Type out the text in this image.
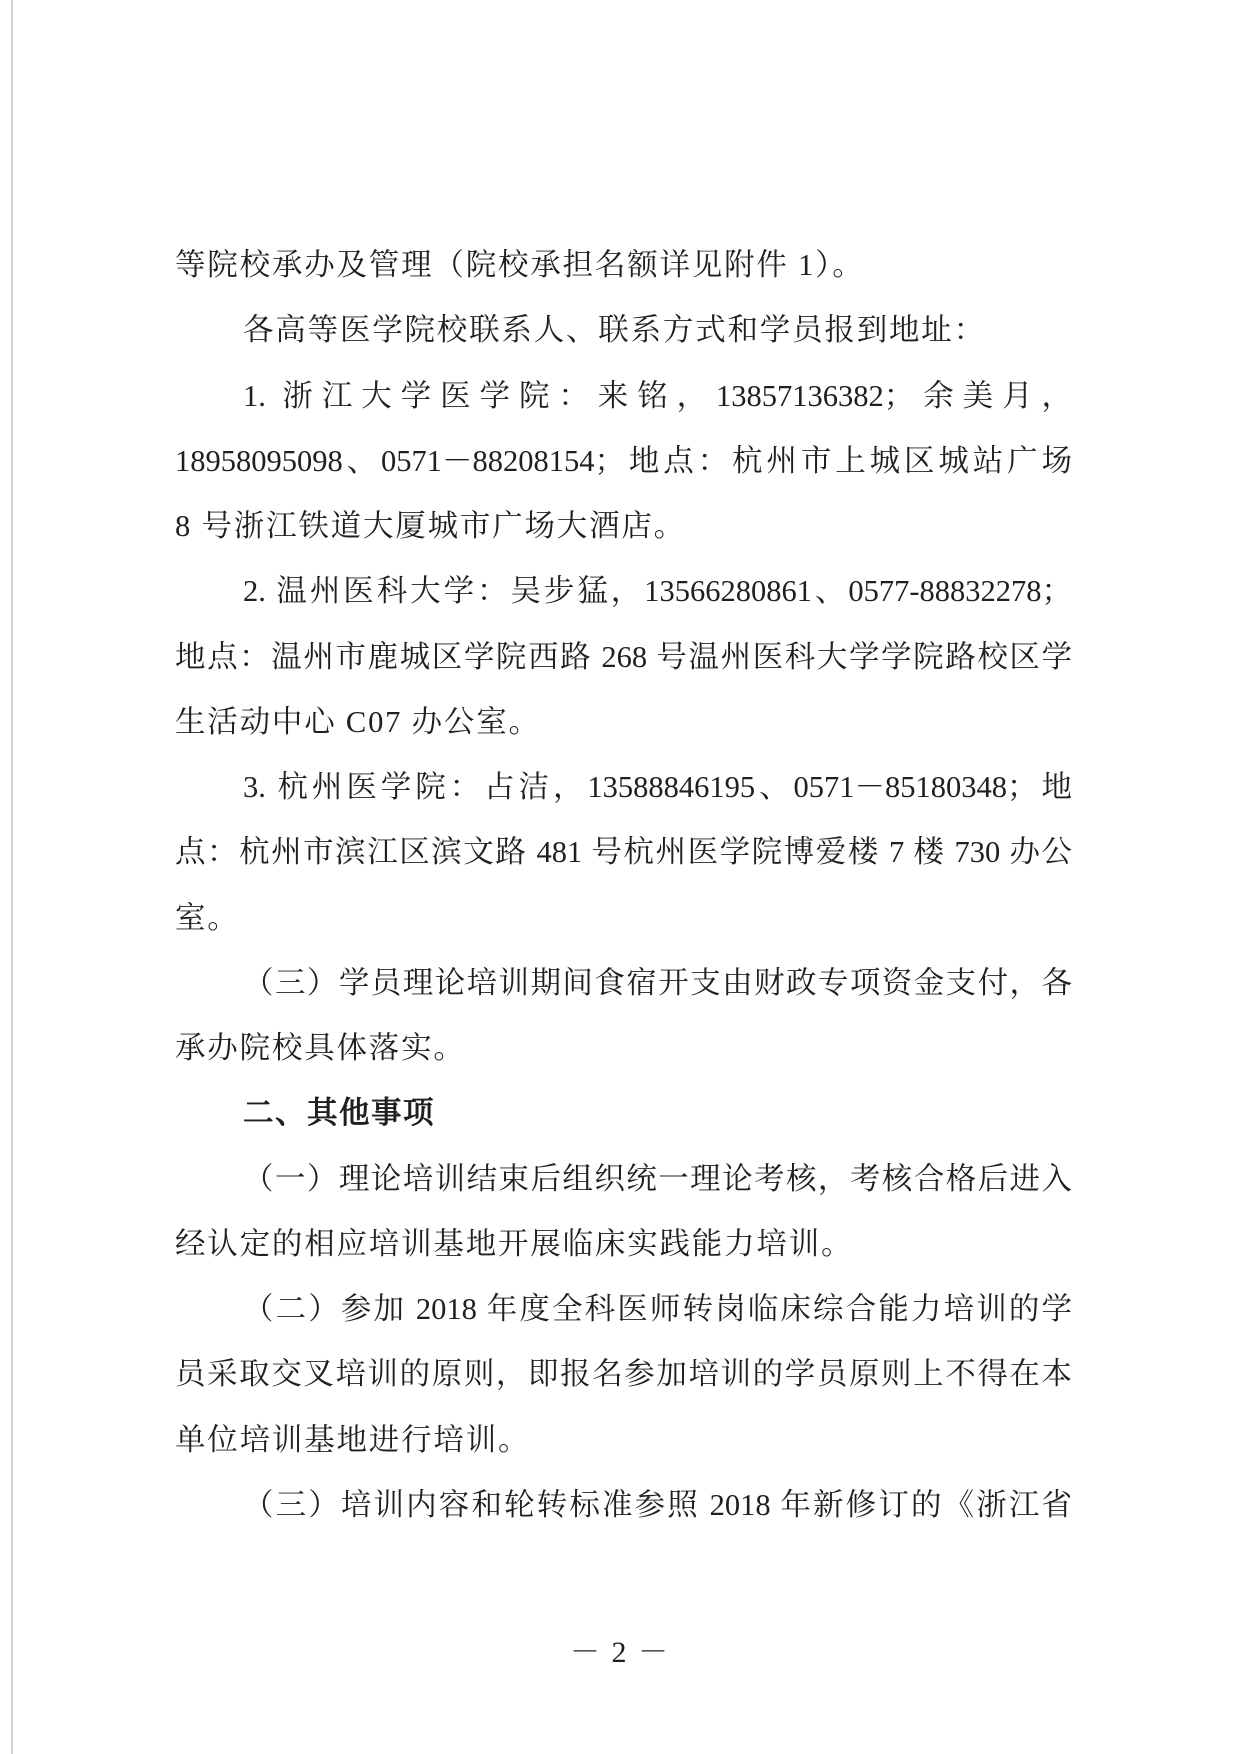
等院校承办及管理（院校承担名额详见附件 1）。
各高等医学院校联系人、联系方式和学员报到地址：
1. 浙江大学医学院：来铭，13857136382；余美月，
18958095098、0571－88208154；地点：杭州市上城区城站广场
8 号浙江铁道大厦城市广场大酒店。
2. 温州医科大学：吴步猛，13566280861、0577-88832278；
地点：温州市鹿城区学院西路 268 号温州医科大学学院路校区学
生活动中心 C07 办公室。
3. 杭州医学院：占洁，13588846195、0571－85180348；地
点：杭州市滨江区滨文路 481 号杭州医学院博爱楼 7 楼 730 办公
室。
（三）学员理论培训期间食宿开支由财政专项资金支付，各
承办院校具体落实。
二、其他事项
（一）理论培训结束后组织统一理论考核，考核合格后进入
经认定的相应培训基地开展临床实践能力培训。
（二）参加 2018 年度全科医师转岗临床综合能力培训的学
员采取交叉培训的原则，即报名参加培训的学员原则上不得在本
单位培训基地进行培训。
（三）培训内容和轮转标准参照 2018 年新修订的《浙江省
－ 2 －
